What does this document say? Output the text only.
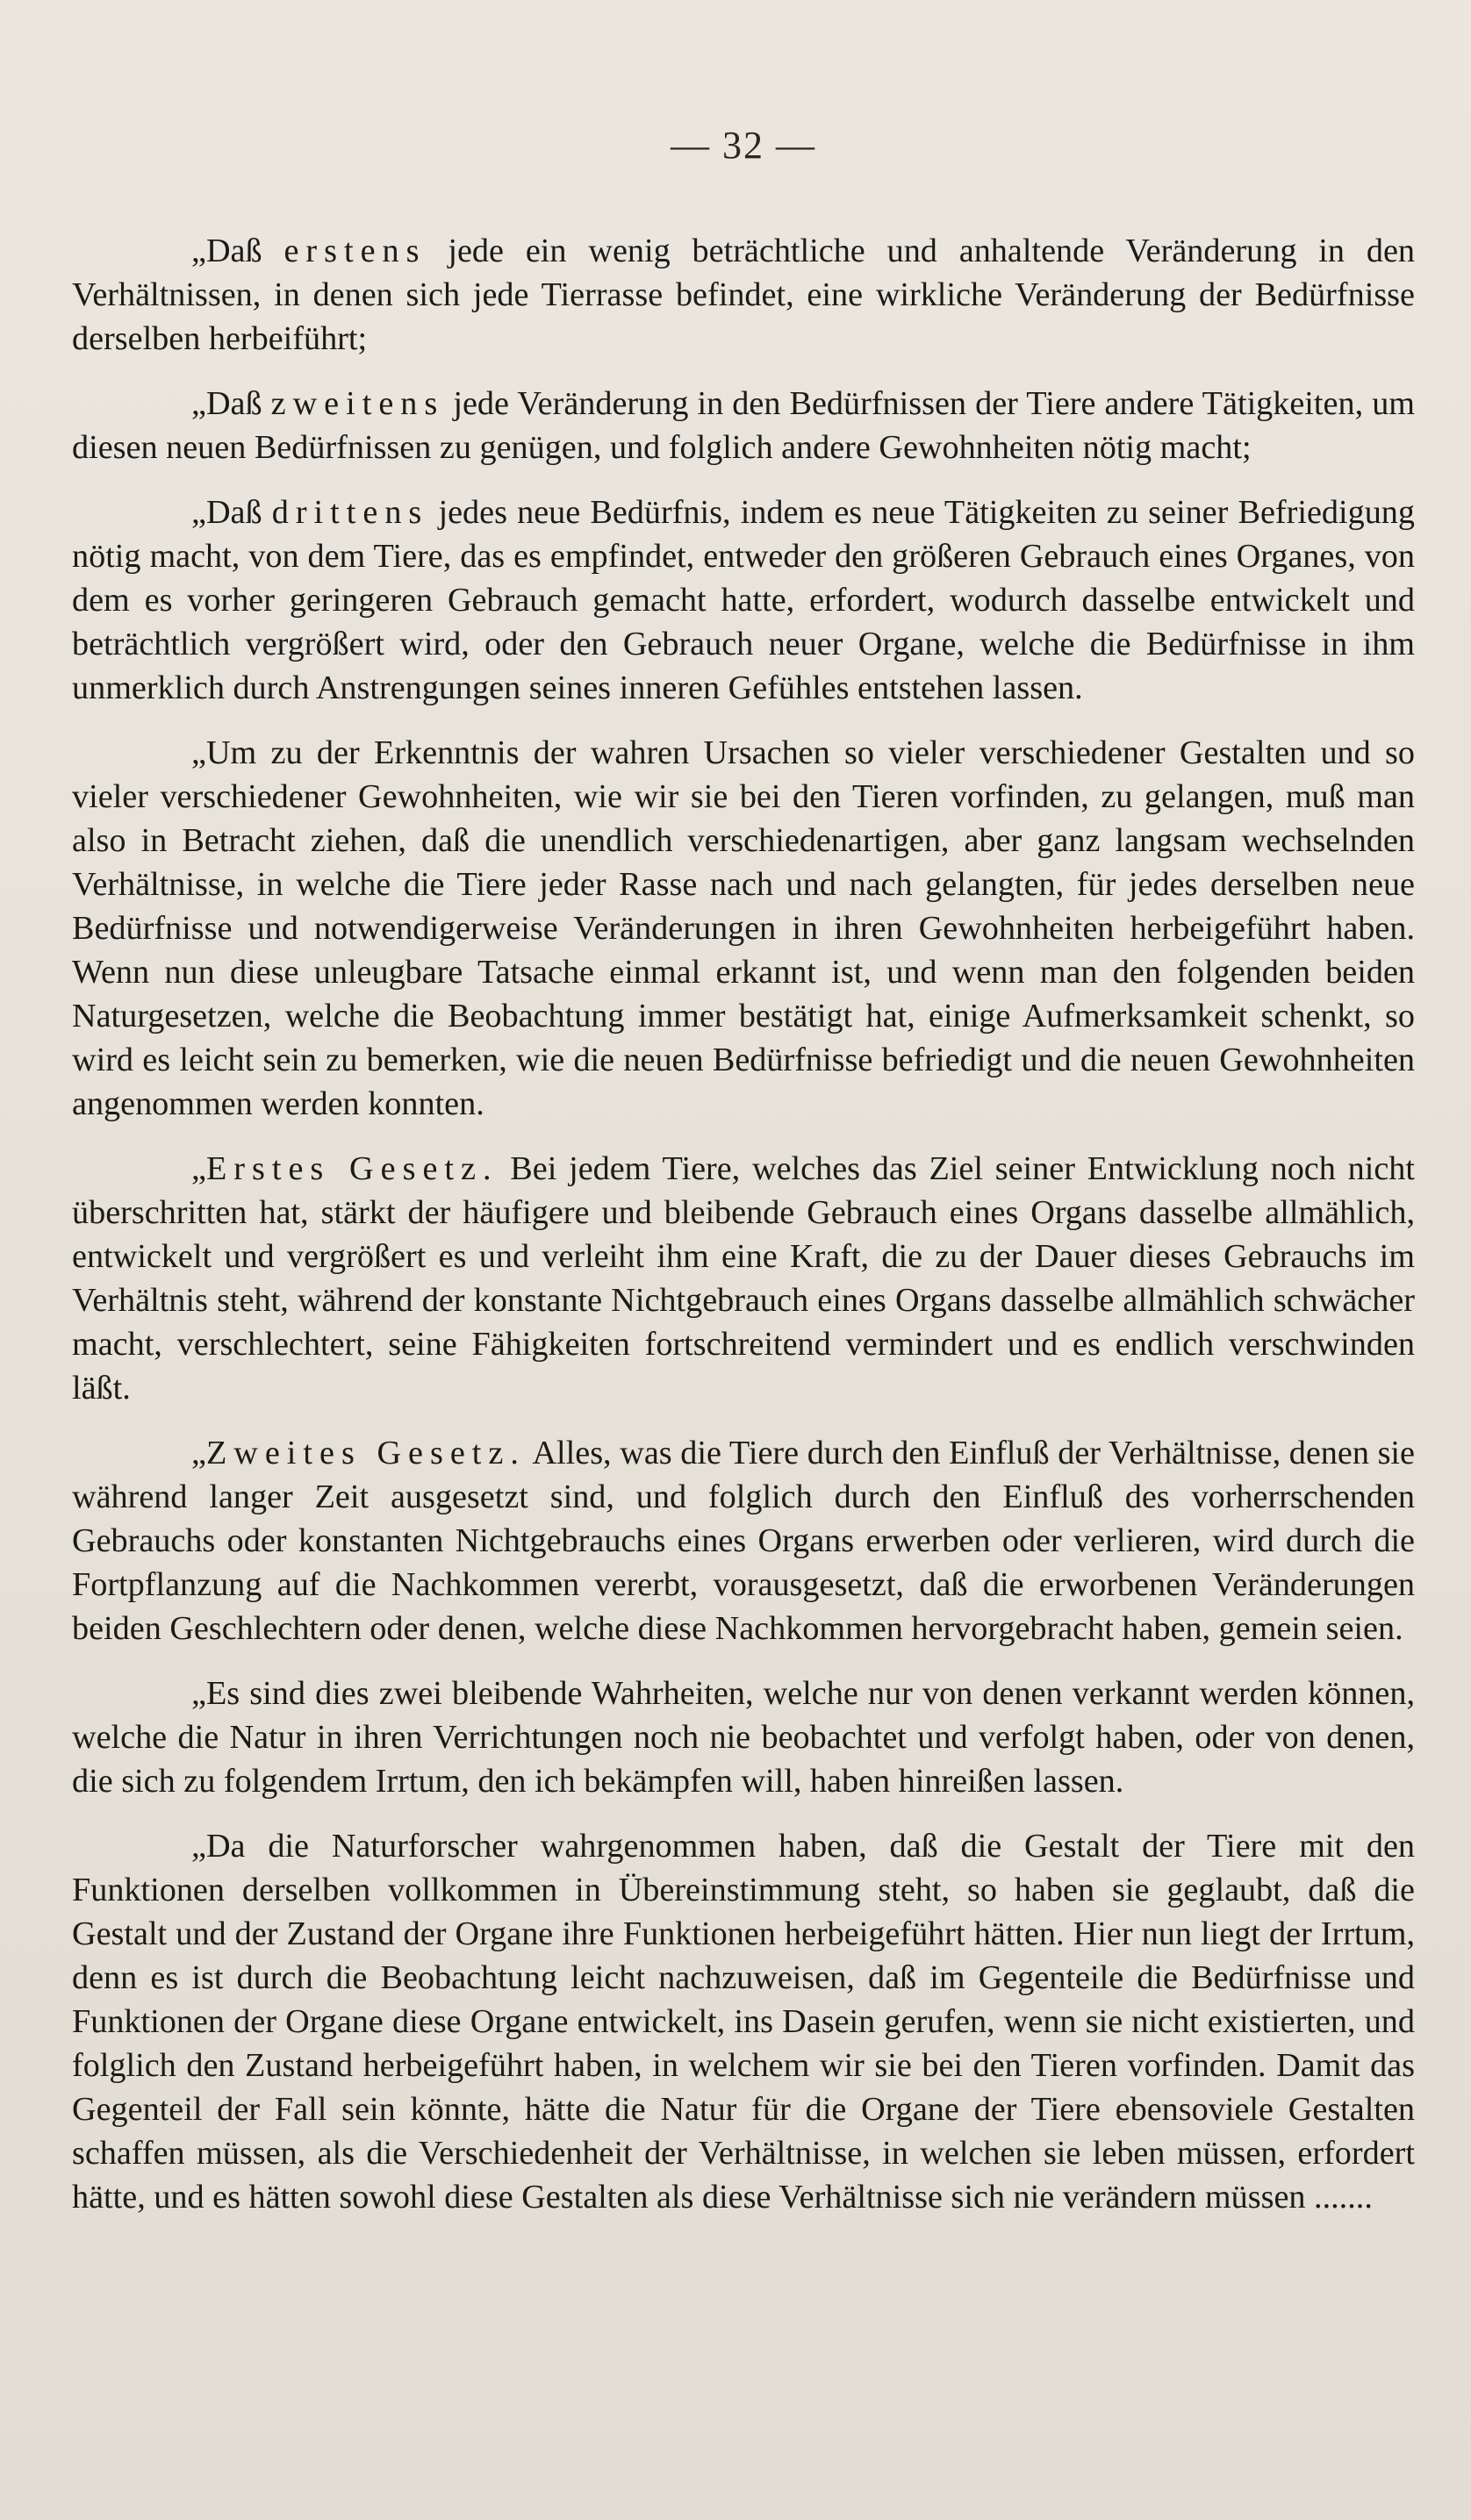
— 32 —

„Daß erstens jede ein wenig beträchtliche und anhaltende Veränderung in den Verhältnissen, in denen sich jede Tierrasse befindet, eine wirkliche Veränderung der Bedürfnisse derselben herbeiführt;

„Daß zweitens jede Veränderung in den Bedürfnissen der Tiere andere Tätigkeiten, um diesen neuen Bedürfnissen zu genügen, und folglich andere Gewohnheiten nötig macht;

„Daß drittens jedes neue Bedürfnis, indem es neue Tätigkeiten zu seiner Befriedigung nötig macht, von dem Tiere, das es empfindet, entweder den größeren Gebrauch eines Organes, von dem es vorher geringeren Gebrauch gemacht hatte, erfordert, wodurch dasselbe entwickelt und beträchtlich vergrößert wird, oder den Gebrauch neuer Organe, welche die Bedürfnisse in ihm unmerklich durch Anstrengungen seines inneren Gefühles entstehen lassen.

„Um zu der Erkenntnis der wahren Ursachen so vieler verschiedener Gestalten und so vieler verschiedener Gewohnheiten, wie wir sie bei den Tieren vorfinden, zu gelangen, muß man also in Betracht ziehen, daß die unendlich verschiedenartigen, aber ganz langsam wechselnden Verhältnisse, in welche die Tiere jeder Rasse nach und nach gelangten, für jedes derselben neue Bedürfnisse und notwendigerweise Veränderungen in ihren Gewohnheiten herbeigeführt haben. Wenn nun diese unleugbare Tatsache einmal erkannt ist, und wenn man den folgenden beiden Naturgesetzen, welche die Beobachtung immer bestätigt hat, einige Aufmerksamkeit schenkt, so wird es leicht sein zu bemerken, wie die neuen Bedürfnisse befriedigt und die neuen Gewohnheiten angenommen werden konnten.

„Erstes Gesetz. Bei jedem Tiere, welches das Ziel seiner Entwicklung noch nicht überschritten hat, stärkt der häufigere und bleibende Gebrauch eines Organs dasselbe allmählich, entwickelt und vergrößert es und verleiht ihm eine Kraft, die zu der Dauer dieses Gebrauchs im Verhältnis steht, während der konstante Nichtgebrauch eines Organs dasselbe allmählich schwächer macht, verschlechtert, seine Fähigkeiten fortschreitend vermindert und es endlich verschwinden läßt.

„Zweites Gesetz. Alles, was die Tiere durch den Einfluß der Verhältnisse, denen sie während langer Zeit ausgesetzt sind, und folglich durch den Einfluß des vorherrschenden Gebrauchs oder konstanten Nichtgebrauchs eines Organs erwerben oder verlieren, wird durch die Fortpflanzung auf die Nachkommen vererbt, vorausgesetzt, daß die erworbenen Veränderungen beiden Geschlechtern oder denen, welche diese Nachkommen hervorgebracht haben, gemein seien.

„Es sind dies zwei bleibende Wahrheiten, welche nur von denen verkannt werden können, welche die Natur in ihren Verrichtungen noch nie beobachtet und verfolgt haben, oder von denen, die sich zu folgendem Irrtum, den ich bekämpfen will, haben hinreißen lassen.

„Da die Naturforscher wahrgenommen haben, daß die Gestalt der Tiere mit den Funktionen derselben vollkommen in Übereinstimmung steht, so haben sie geglaubt, daß die Gestalt und der Zustand der Organe ihre Funktionen herbeigeführt hätten. Hier nun liegt der Irrtum, denn es ist durch die Beobachtung leicht nachzuweisen, daß im Gegenteile die Bedürfnisse und Funktionen der Organe diese Organe entwickelt, ins Dasein gerufen, wenn sie nicht existierten, und folglich den Zustand herbeigeführt haben, in welchem wir sie bei den Tieren vorfinden. Damit das Gegenteil der Fall sein könnte, hätte die Natur für die Organe der Tiere ebensoviele Gestalten schaffen müssen, als die Verschiedenheit der Verhältnisse, in welchen sie leben müssen, erfordert hätte, und es hätten sowohl diese Gestalten als diese Verhältnisse sich nie verändern müssen .......
